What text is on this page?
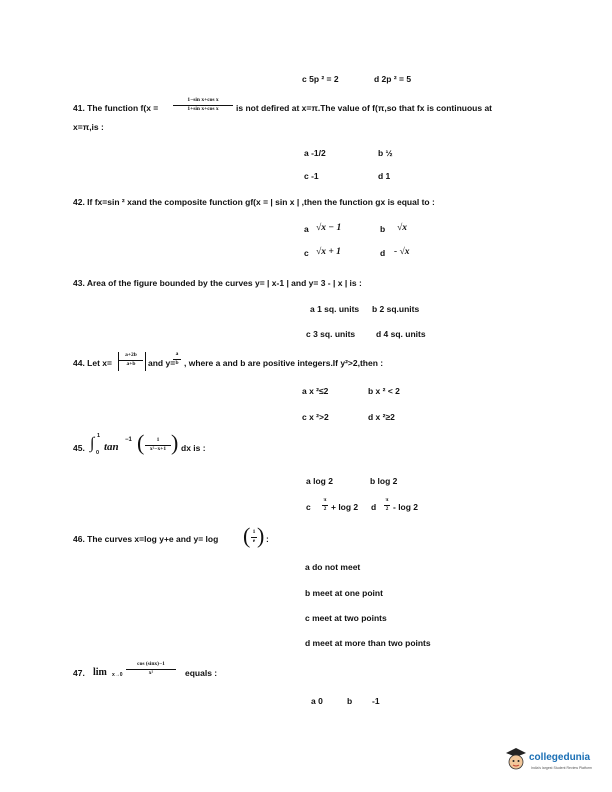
c 5p ² = 2	d 2p ² = 5
41. The function f(x =
1−sin x+cos x
1+sin x+cos x	is not defired at x=π.The value of f(π,so that fx is continuous at
x=π,is :
a -1/2	b ½
c -1	d 1
42. If fx=sin ² xand the composite function gf(x = | sin x | ,then the function gx is equal to :
a √x − 1	b √x
c √x + 1	d - √x
43. Area of the figure bounded by the curves y= | x-1 | and y= 3 - | x | is :
a 1 sq. units b 2 sq.units
c 3 sq. units d 4 sq. units
44. Let x=
a+2b
a+b	and y=
a
b , where a and b are positive integers.If y²>2,then :
a x ²≤2	b x ² < 2
c x ²>2	d x ²≥2
45. ∫ 1
0 tan
−1 (	1
x²−x+1 ) dx is :
a log 2	b log 2
c
π
2 + log 2 d
π
2 - log 2
46. The curves x=log y+e and y= log ( 1
e ) :
a do not meet
b meet at one point
c meet at two points
d meet at more than two points
47. lim x→0
cos (sinx)−1
x²	equals :
a 0	b -1
collegedunia
India's largest Student Review Platform
